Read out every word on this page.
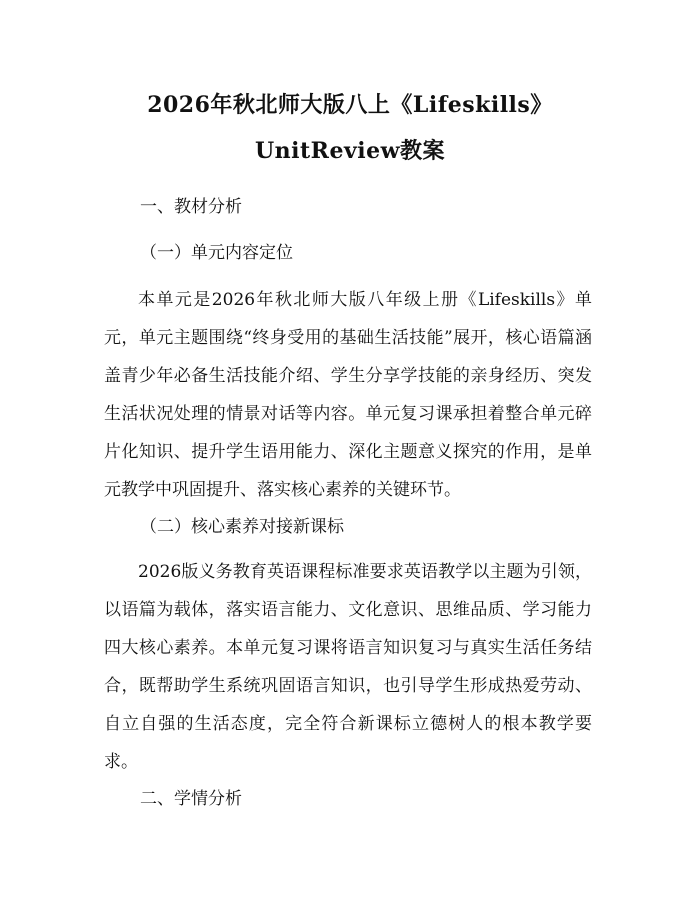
2026年秋北师大版八上《Lifeskills》
UnitReview教案
一、教材分析
（一）单元内容定位
本单元是2026年秋北师大版八年级上册《Lifeskills》单元，单元主题围绕“终身受用的基础生活技能”展开，核心语篇涵盖青少年必备生活技能介绍、学生分享学技能的亲身经历、突发生活状况处理的情景对话等内容。单元复习课承担着整合单元碎片化知识、提升学生语用能力、深化主题意义探究的作用，是单元教学中巩固提升、落实核心素养的关键环节。
（二）核心素养对接新课标
2026版义务教育英语课程标准要求英语教学以主题为引领，以语篇为载体，落实语言能力、文化意识、思维品质、学习能力四大核心素养。本单元复习课将语言知识复习与真实生活任务结合，既帮助学生系统巩固语言知识，也引导学生形成热爱劳动、自立自强的生活态度，完全符合新课标立德树人的根本教学要求。
二、学情分析
